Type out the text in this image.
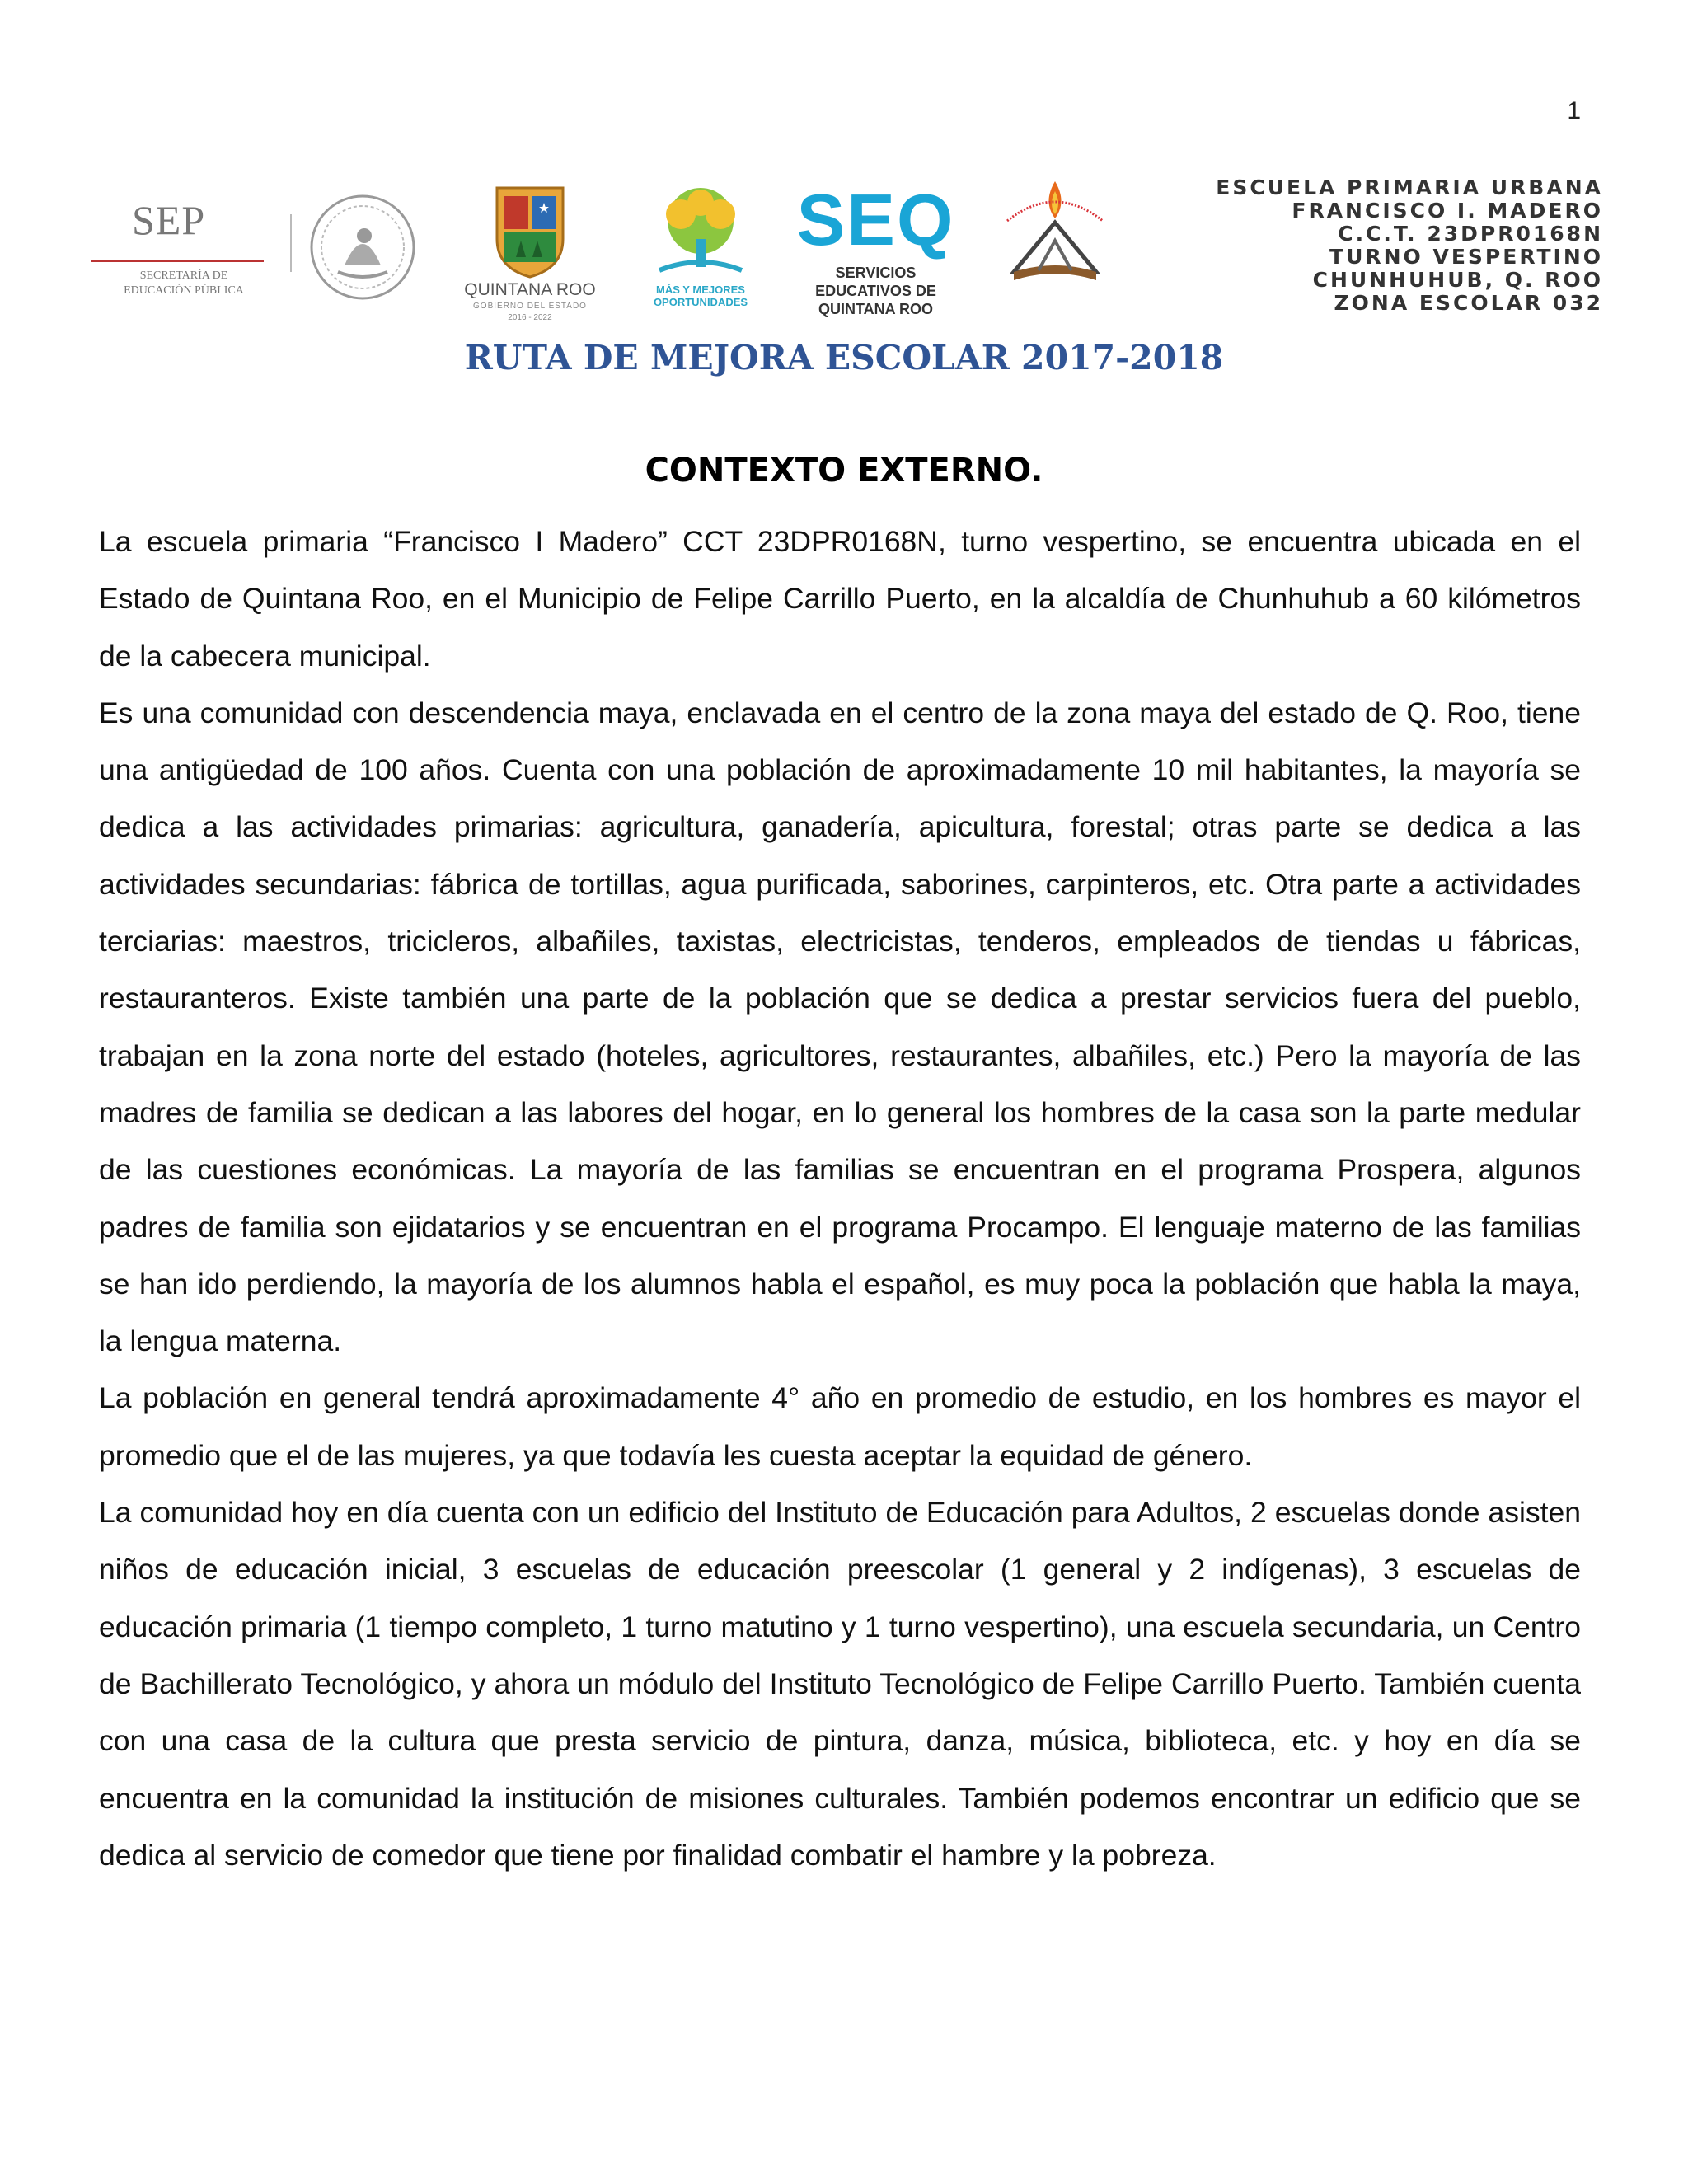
1
SEP
SECRETARÍA DE EDUCACIÓN PÚBLICA	QUINTANA ROO
GOBIERNO DEL ESTADO
2016 - 2022
MÁS Y MEJORES OPORTUNIDADES
SEQ
SERVICIOS EDUCATIVOS DE QUINTANA ROO
ESCUELA PRIMARIA URBANA
FRANCISCO I. MADERO
C.C.T. 23DPR0168N
TURNO VESPERTINO
CHUNHUHUB, Q. ROO
ZONA ESCOLAR 032
RUTA DE MEJORA ESCOLAR 2017-2018
CONTEXTO EXTERNO.

La escuela primaria “Francisco I Madero” CCT 23DPR0168N, turno vespertino, se encuentra ubicada en el Estado de Quintana Roo, en el Municipio de Felipe Carrillo Puerto, en la alcaldía de Chunhuhub a 60 kilómetros de la cabecera municipal.

Es una comunidad con descendencia maya, enclavada en el centro de la zona maya del estado de Q. Roo, tiene una antigüedad de 100 años. Cuenta con una población de aproximadamente 10 mil habitantes, la mayoría se dedica a las actividades primarias: agricultura, ganadería, apicultura, forestal; otras parte se dedica a las actividades secundarias: fábrica de tortillas, agua purificada, saborines, carpinteros, etc. Otra parte a actividades terciarias: maestros, tricicleros, albañiles, taxistas, electricistas, tenderos, empleados de tiendas u fábricas, restauranteros. Existe también una parte de la población que se dedica a prestar servicios fuera del pueblo, trabajan en la zona norte del estado (hoteles, agricultores, restaurantes, albañiles, etc.) Pero la mayoría de las madres de familia se dedican a las labores del hogar, en lo general los hombres de la casa son la parte medular de las cuestiones económicas. La mayoría de las familias se encuentran en el programa Prospera, algunos padres de familia son ejidatarios y se encuentran en el programa Procampo. El lenguaje materno de las familias se han ido perdiendo, la mayoría de los alumnos habla el español, es muy poca la población que habla la maya, la lengua materna.

La población en general tendrá aproximadamente 4° año en promedio de estudio, en los hombres es mayor el promedio que el de las mujeres, ya que todavía les cuesta aceptar la equidad de género.

La comunidad hoy en día cuenta con un edificio del Instituto de Educación para Adultos, 2 escuelas donde asisten niños de educación inicial, 3 escuelas de educación preescolar (1 general y 2 indígenas), 3 escuelas de educación primaria (1 tiempo completo, 1 turno matutino y 1 turno vespertino), una escuela secundaria, un Centro de Bachillerato Tecnológico, y ahora un módulo del Instituto Tecnológico de Felipe Carrillo Puerto. También cuenta con una casa de la cultura que presta servicio de pintura, danza, música, biblioteca, etc. y hoy en día se encuentra en la comunidad la institución de misiones culturales. También podemos encontrar un edificio que se dedica al servicio de comedor que tiene por finalidad combatir el hambre y la pobreza.
